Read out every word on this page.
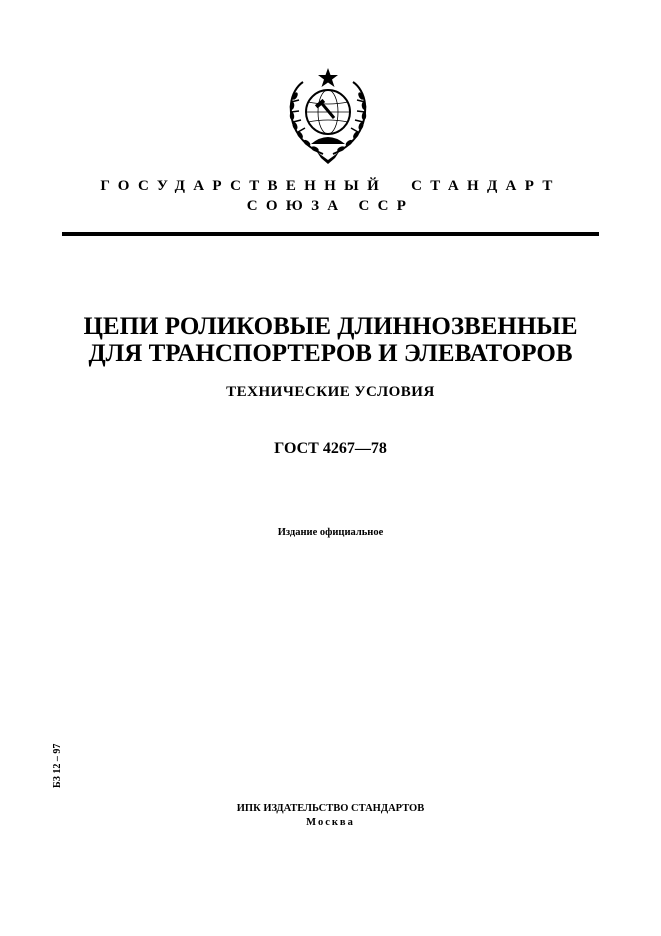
ГОСУДАРСТВЕННЫЙ  СТАНДАРТ
СОЮЗА ССР
ЦЕПИ РОЛИКОВЫЕ ДЛИННОЗВЕННЫЕ
ДЛЯ ТРАНСПОРТЕРОВ И ЭЛЕВАТОРОВ
ТЕХНИЧЕСКИЕ УСЛОВИЯ
ГОСТ 4267—78
Издание официальное
БЗ 12 – 97
ИПК ИЗДАТЕЛЬСТВО СТАНДАРТОВ
Москва
